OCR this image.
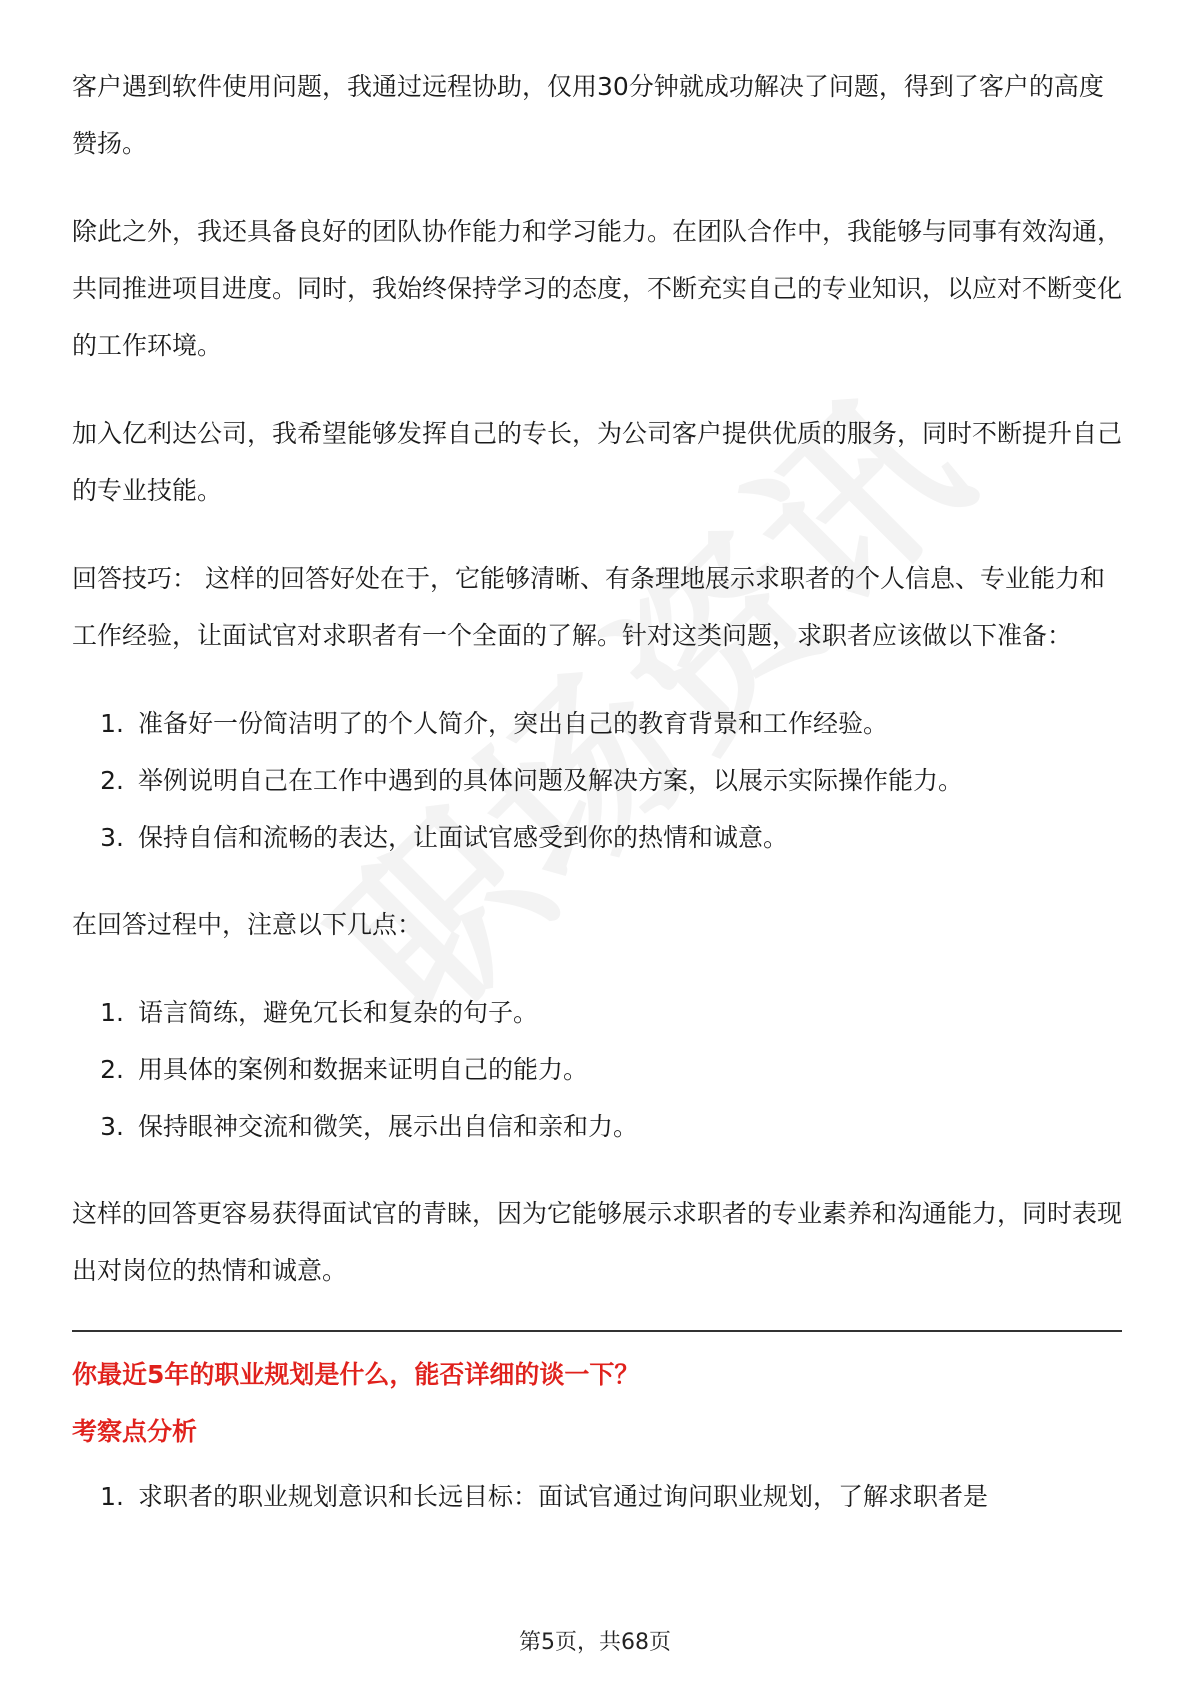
客户遇到软件使用问题，我通过远程协助，仅用30分钟就成功解决了问题，得到了客户的高度赞扬。

除此之外，我还具备良好的团队协作能力和学习能力。在团队合作中，我能够与同事有效沟通，共同推进项目进度。同时，我始终保持学习的态度，不断充实自己的专业知识，以应对不断变化的工作环境。

加入亿利达公司，我希望能够发挥自己的专长，为公司客户提供优质的服务，同时不断提升自己的专业技能。

回答技巧： 这样的回答好处在于，它能够清晰、有条理地展示求职者的个人信息、专业能力和工作经验，让面试官对求职者有一个全面的了解。针对这类问题，求职者应该做以下准备：

1. 准备好一份简洁明了的个人简介，突出自己的教育背景和工作经验。
2. 举例说明自己在工作中遇到的具体问题及解决方案，以展示实际操作能力。
3. 保持自信和流畅的表达，让面试官感受到你的热情和诚意。

在回答过程中，注意以下几点：

1. 语言简练，避免冗长和复杂的句子。
2. 用具体的案例和数据来证明自己的能力。
3. 保持眼神交流和微笑，展示出自信和亲和力。

这样的回答更容易获得面试官的青睐，因为它能够展示求职者的专业素养和沟通能力，同时表现出对岗位的热情和诚意。

你最近5年的职业规划是什么，能否详细的谈一下？

考察点分析

1. 求职者的职业规划意识和长远目标：面试官通过询问职业规划，了解求职者是
第5页，共68页
